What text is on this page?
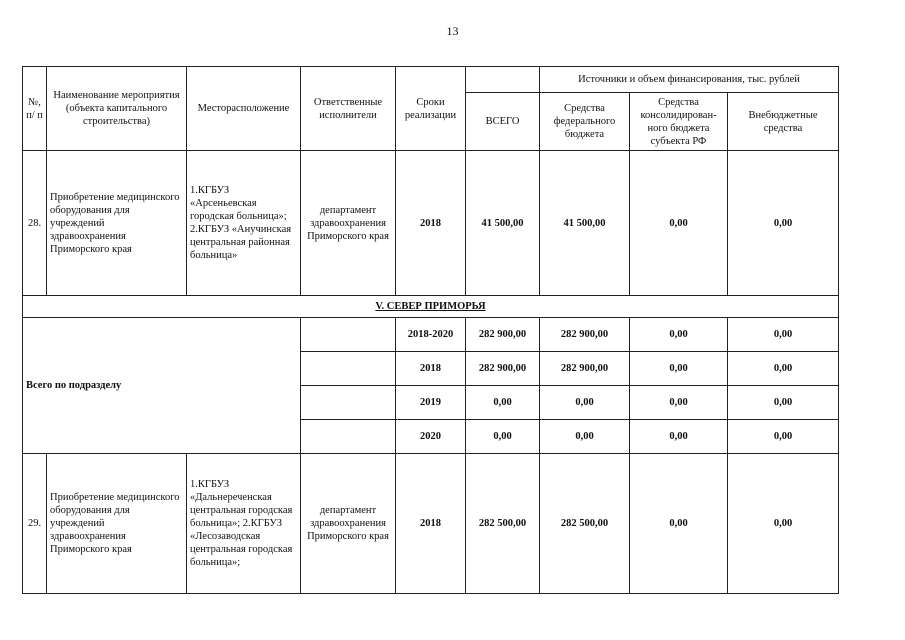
13
№, п/ п	Наименование мероприятия (объекта капитального строительства)	Месторасположение	Ответственные исполнители	Сроки реализации		Источники и объем финансирования, тыс. рублей		
					ВСЕГО	Средства федерального бюджета	Средства консолидирован-ного бюджета субъекта РФ	Внебюджетные средства
28.	Приобретение медицинского оборудования для учреждений здравоохранения Приморского края	1.КГБУЗ «Арсеньевская городская больница»; 2.КГБУЗ «Анучинская центральная районная больница»	департамент здравоохранения Приморского края	2018	41 500,00	41 500,00	0,00	0,00
V. СЕВЕР ПРИМОРЬЯ								
Всего по подразделу				2018-2020	282 900,00	282 900,00	0,00	0,00
				2018	282 900,00	282 900,00	0,00	0,00
				2019	0,00	0,00	0,00	0,00
				2020	0,00	0,00	0,00	0,00
29.	Приобретение медицинского оборудования для учреждений здравоохранения Приморского края	1.КГБУЗ «Дальнереченская центральная городская больница»; 2.КГБУЗ «Лесозаводская центральная городская больница»;	департамент здравоохранения Приморского края	2018	282 500,00	282 500,00	0,00	0,00
